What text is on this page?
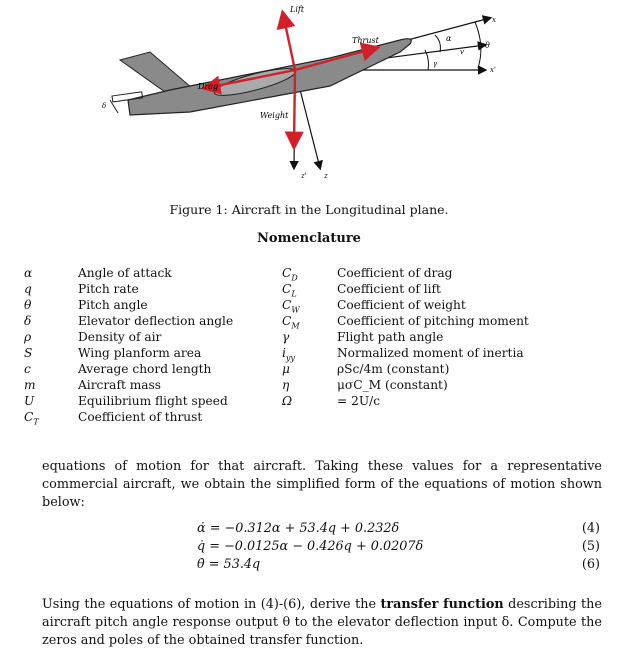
Lift
Thrust
Drag
Weight
α
θ
γ
v
x
x'
z
z'
δ
Figure 1: Aircraft in the Longitudinal plane.
Nomenclature
α	Angle of attack	$C_D$	Coefficient of drag
q	Pitch rate	$C_L$	Coefficient of lift
θ	Pitch angle	$C_W$	Coefficient of weight
δ	Elevator deflection angle	$C_M$	Coefficient of pitching moment
ρ	Density of air	γ	Flight path angle
S	Wing planform area	$i_{yy}$	Normalized moment of inertia
c	Average chord length	μ	ρSc/4m (constant)
m	Aircraft mass	η	μσC_M (constant)
U	Equilibrium flight speed	Ω	= 2U/c
$C_T$	Coefficient of thrust
equations of motion for that aircraft. Taking these values for a representative commercial aircraft, we obtain the simplified form of the equations of motion shown below:
α̇ = −0.312α + 53.4q + 0.232δ	(4)
q̇ = −0.0125α − 0.426q + 0.0207δ	(5)
θ̇ = 53.4q	(6)
Using the equations of motion in (4)-(6), derive the transfer function describing the aircraft pitch angle response output θ to the elevator deflection input δ. Compute the zeros and poles of the obtained transfer function.
